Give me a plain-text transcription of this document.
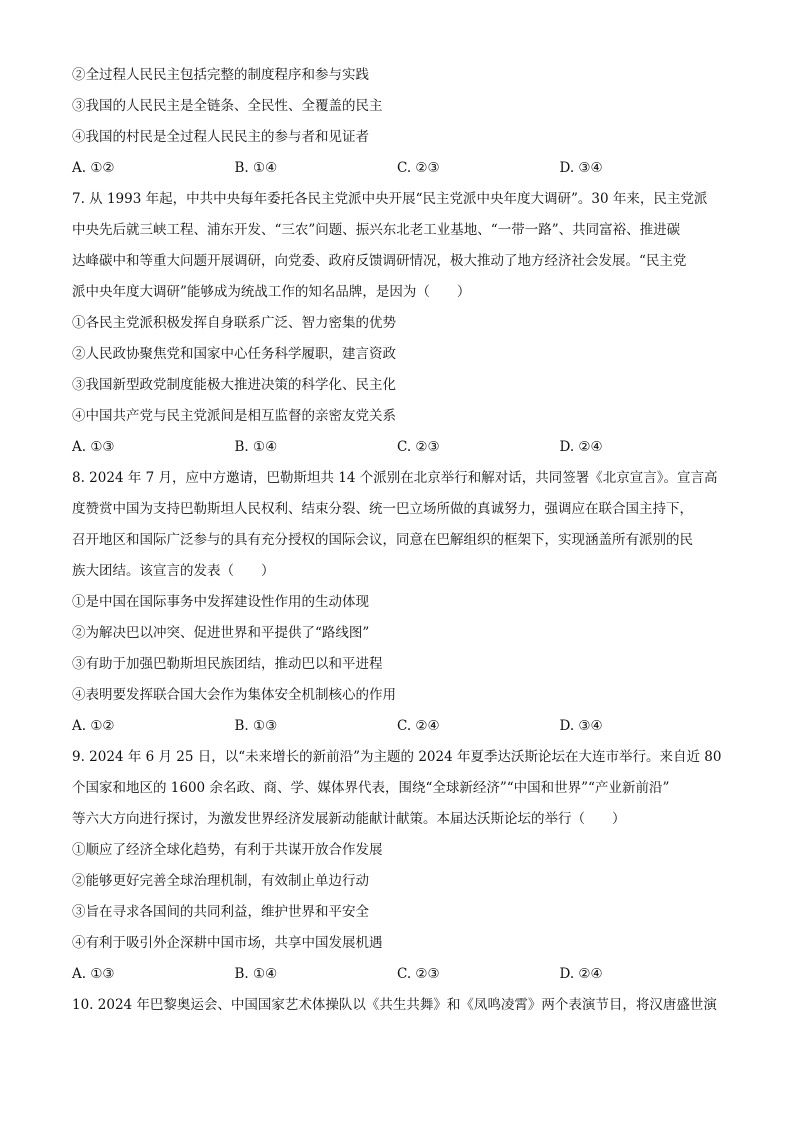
②全过程人民民主包括完整的制度程序和参与实践
③我国的人民民主是全链条、全民性、全覆盖的民主
④我国的村民是全过程人民民主的参与者和见证者
A. ①②	B. ①④	C. ②③	D. ③④
7. 从 1993 年起，中共中央每年委托各民主党派中央开展“民主党派中央年度大调研”。30 年来，民主党派
中央先后就三峡工程、浦东开发、“三农”问题、振兴东北老工业基地、“一带一路”、共同富裕、推进碳
达峰碳中和等重大问题开展调研，向党委、政府反馈调研情况，极大推动了地方经济社会发展。“民主党
派中央年度大调研”能够成为统战工作的知名品牌，是因为（　　）
①各民主党派积极发挥自身联系广泛、智力密集的优势
②人民政协聚焦党和国家中心任务科学履职，建言资政
③我国新型政党制度能极大推进决策的科学化、民主化
④中国共产党与民主党派间是相互监督的亲密友党关系
A. ①③	B. ①④	C. ②③	D. ②④
8. 2024 年 7 月，应中方邀请，巴勒斯坦共 14 个派别在北京举行和解对话，共同签署《北京宣言》。宣言高
度赞赏中国为支持巴勒斯坦人民权利、结束分裂、统一巴立场所做的真诚努力，强调应在联合国主持下，
召开地区和国际广泛参与的具有充分授权的国际会议，同意在巴解组织的框架下，实现涵盖所有派别的民
族大团结。该宣言的发表（　　）
①是中国在国际事务中发挥建设性作用的生动体现
②为解决巴以冲突、促进世界和平提供了“路线图”
③有助于加强巴勒斯坦民族团结，推动巴以和平进程
④表明要发挥联合国大会作为集体安全机制核心的作用
A. ①②	B. ①③	C. ②④	D. ③④
9. 2024 年 6 月 25 日，以“未来增长的新前沿”为主题的 2024 年夏季达沃斯论坛在大连市举行。来自近 80
个国家和地区的 1600 余名政、商、学、媒体界代表，围绕“全球新经济”“中国和世界”“产业新前沿”
等六大方向进行探讨，为激发世界经济发展新动能献计献策。本届达沃斯论坛的举行（　　）
①顺应了经济全球化趋势，有利于共谋开放合作发展
②能够更好完善全球治理机制，有效制止单边行动
③旨在寻求各国间的共同利益，维护世界和平安全
④有利于吸引外企深耕中国市场，共享中国发展机遇
A. ①③	B. ①④	C. ②③	D. ②④
10. 2024 年巴黎奥运会、中国国家艺术体操队以《共生共舞》和《凤鸣凌霄》两个表演节目，将汉唐盛世演
